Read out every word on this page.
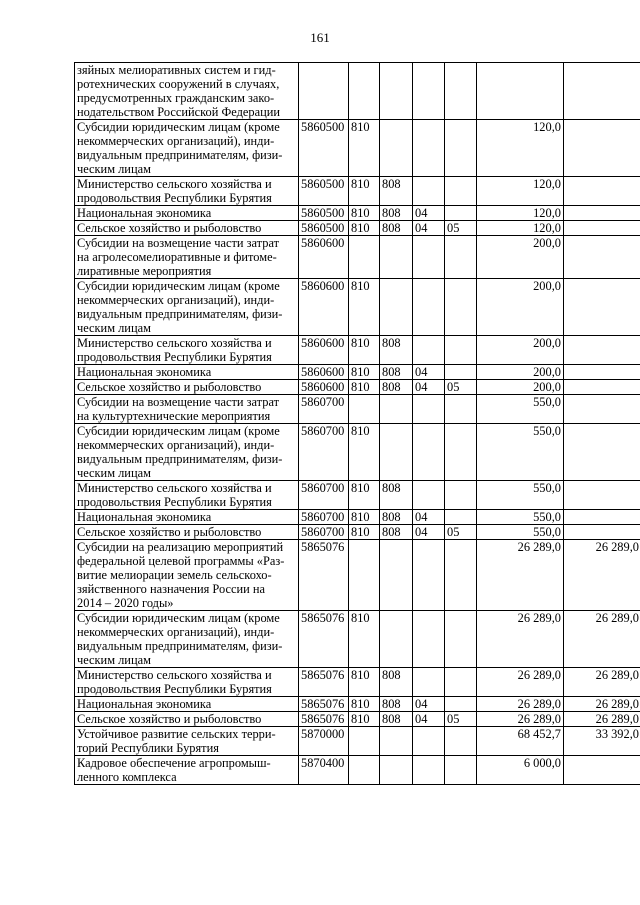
161
зяйных мелиоративных систем и гид-
ротехнических сооружений в случаях,
предусмотренных гражданским зако-
нодательством Российской Федерации							
Субсидии юридическим лицам (кроме
некоммерческих организаций), инди-
видуальным предпринимателям, физи-
ческим лицам	5860500	810				120,0	
Министерство сельского хозяйства и
продовольствия Республики Бурятия	5860500	810	808			120,0	
Национальная экономика	5860500	810	808	04		120,0	
Сельское хозяйство и рыболовство	5860500	810	808	04	05	120,0	
Субсидии на возмещение части затрат
на агролесомелиоративные и фитоме-
лиративные мероприятия	5860600					200,0	
Субсидии юридическим лицам (кроме
некоммерческих организаций), инди-
видуальным предпринимателям, физи-
ческим лицам	5860600	810				200,0	
Министерство сельского хозяйства и
продовольствия Республики Бурятия	5860600	810	808			200,0	
Национальная экономика	5860600	810	808	04		200,0	
Сельское хозяйство и рыболовство	5860600	810	808	04	05	200,0	
Субсидии на возмещение части затрат
на культуртехнические мероприятия	5860700					550,0	
Субсидии юридическим лицам (кроме
некоммерческих организаций), инди-
видуальным предпринимателям, физи-
ческим лицам	5860700	810				550,0	
Министерство сельского хозяйства и
продовольствия Республики Бурятия	5860700	810	808			550,0	
Национальная экономика	5860700	810	808	04		550,0	
Сельское хозяйство и рыболовство	5860700	810	808	04	05	550,0	
Субсидии на реализацию мероприятий
федеральной целевой программы «Раз-
витие мелиорации земель сельскохо-
зяйственного назначения России на
2014 – 2020 годы»	5865076					26 289,0	26 289,0
Субсидии юридическим лицам (кроме
некоммерческих организаций), инди-
видуальным предпринимателям, физи-
ческим лицам	5865076	810				26 289,0	26 289,0
Министерство сельского хозяйства и
продовольствия Республики Бурятия	5865076	810	808			26 289,0	26 289,0
Национальная экономика	5865076	810	808	04		26 289,0	26 289,0
Сельское хозяйство и рыболовство	5865076	810	808	04	05	26 289,0	26 289,0
Устойчивое развитие сельских терри-
торий Республики Бурятия	5870000					68 452,7	33 392,0
Кадровое обеспечение агропромыш-
ленного комплекса	5870400					6 000,0	
